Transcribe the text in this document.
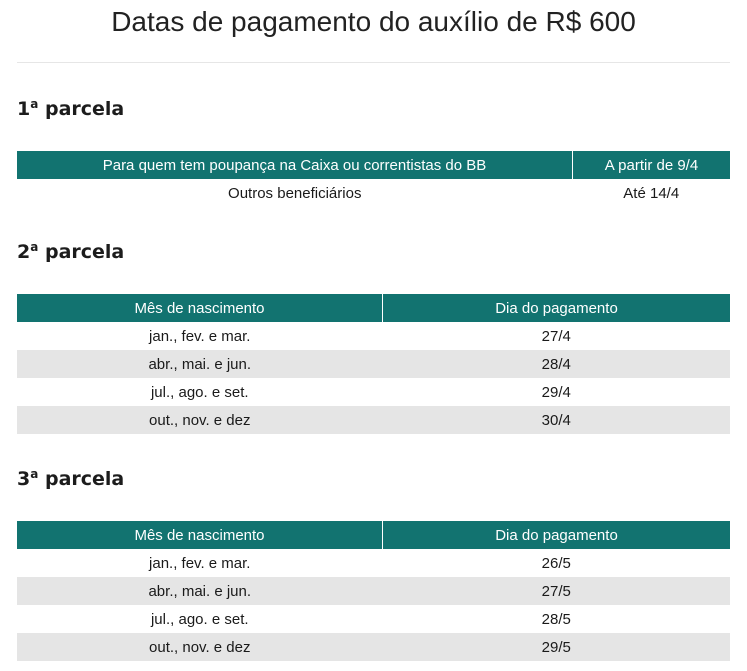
Datas de pagamento do auxílio de R$ 600
1$^a$ parcela
Para quem tem poupança na Caixa ou correntistas do BB	A partir de 9/4
Outros beneficiários	Até 14/4
2$^a$ parcela
Mês de nascimento	Dia do pagamento
jan., fev. e mar.	27/4
abr., mai. e jun.	28/4
jul., ago. e set.	29/4
out., nov. e dez	30/4
3$^a$ parcela
Mês de nascimento	Dia do pagamento
jan., fev. e mar.	26/5
abr., mai. e jun.	27/5
jul., ago. e set.	28/5
out., nov. e dez	29/5
